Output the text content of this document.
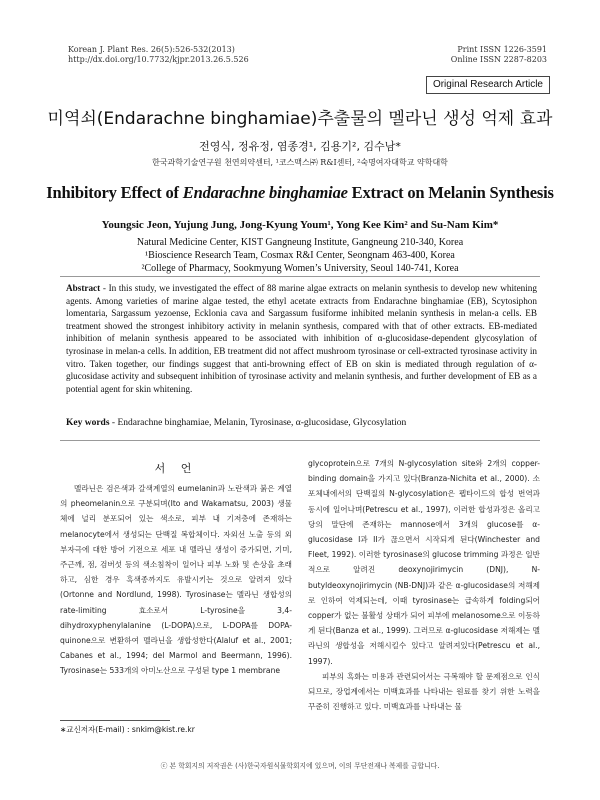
Korean J. Plant Res. 26(5):526-532(2013)
http://dx.doi.org/10.7732/kjpr.2013.26.5.526
Print ISSN 1226-3591
Online ISSN 2287-8203
Original Research Article
미역쇠(Endarachne binghamiae)추출물의 멜라닌 생성 억제 효과
전영식, 정유정, 염종경¹, 김용기², 김수남*
한국과학기술연구원 천연의약센터, ¹코스맥스㈜ R&I센터, ²숙명여자대학교 약학대학
Inhibitory Effect of Endarachne binghamiae Extract on Melanin Synthesis
Youngsic Jeon, Yujung Jung, Jong-Kyung Youm¹, Yong Kee Kim² and Su-Nam Kim*
Natural Medicine Center, KIST Gangneung Institute, Gangneung 210-340, Korea
¹Bioscience Research Team, Cosmax R&I Center, Seongnam 463-400, Korea
²College of Pharmacy, Sookmyung Women’s University, Seoul 140-741, Korea
Abstract - In this study, we investigated the effect of 88 marine algae extracts on melanin synthesis to develop new whitening agents. Among varieties of marine algae tested, the ethyl acetate extracts from Endarachne binghamiae (EB), Scytosiphon lomentaria, Sargassum yezoense, Ecklonia cava and Sargassum fusiforme inhibited melanin synthesis in melan-a cells. EB treatment showed the strongest inhibitory activity in melanin synthesis, compared with that of other extracts. EB-mediated inhibition of melanin synthesis appeared to be associated with inhibition of α-glucosidase-dependent glycosylation of tyrosinase in melan-a cells. In addition, EB treatment did not affect mushroom tyrosinase or cell-extracted tyrosinase activity in vitro. Taken together, our findings suggest that anti-browning effect of EB on skin is mediated through regulation of α-glucosidase activity and subsequent inhibition of tyrosinase activity and melanin synthesis, and further development of EB as a potential agent for skin whitening.
Key words - Endarachne binghamiae, Melanin, Tyrosinase, α-glucosidase, Glycosylation
서 언

멜라닌은 검은색과 갈색계열의 eumelanin과 노란색과 붉은 계열의 pheomelanin으로 구분되며(Ito and Wakamatsu, 2003) 생물체에 널리 분포되어 있는 색소로, 피부 내 기저층에 존재하는 melanocyte에서 생성되는 단백질 복합체이다. 자외선 노출 등의 외부자극에 대한 방어 기전으로 세포 내 멜라닌 생성이 증가되면, 기미, 주근깨, 점, 검버섯 등의 색소침착이 일어나 피부 노화 및 손상을 초래하고, 심한 경우 흑색종까지도 유발시키는 것으로 알려져 있다(Ortonne and Nordlund, 1998). Tyrosinase는 멜라닌 생합성의 rate-limiting 효소로서 L-tyrosine을 3,4-dihydroxyphenylalanine (L-DOPA)으로, L-DOPA를 DOPA-quinone으로 변환하여 멜라닌을 생합성한다(Alaluf et al., 2001; Cabanes et al., 1994; del Marmol and Beermann, 1996). Tyrosinase는 533개의 아미노산으로 구성된 type 1 membrane

glycoprotein으로 7개의 N-glycosylation site와 2개의 copper-binding domain을 가지고 있다(Branza-Nichita et al., 2000). 소포체내에서의 단백질의 N-glycosylation은 펩타이드의 합성 번역과 동시에 일어나며(Petrescu et al., 1997), 이러한 합성과정은 올리고당의 말단에 존재하는 mannose에서 3개의 glucose를 α-glucosidase I과 II가 끊으면서 시작되게 된다(Winchester and Fleet, 1992). 이러한 tyrosinase의 glucose trimming 과정은 일반적으로 알려진 deoxynojirimycin (DNJ), N-butyldeoxynojirimycin (NB-DNJ)과 같은 α-glucosidase의 저해제로 인하여 억제되는데, 이때 tyrosinase는 급속하게 folding되어 copper가 없는 불활성 상태가 되어 피부에 melanosome으로 이동하게 된다(Banza et al., 1999). 그러므로 α-glucosidase 저해제는 멜라닌의 생합성을 저해시킬수 있다고 알려져있다(Petrescu et al., 1997).

피부의 흑화는 미용과 관련되어서는 극복해야 할 문제점으로 인식되므로, 장업계에서는 미백효과를 나타내는 원료를 찾기 위한 노력을 꾸준히 진행하고 있다. 미백효과를 나타내는 물

ⓒ 본 학회지의 저작권은 (사)한국자원식물학회지에 있으며, 이의 무단전재나 복제를 금합니다.
∗교신저자(E-mail) : snkim@kist.re.kr
